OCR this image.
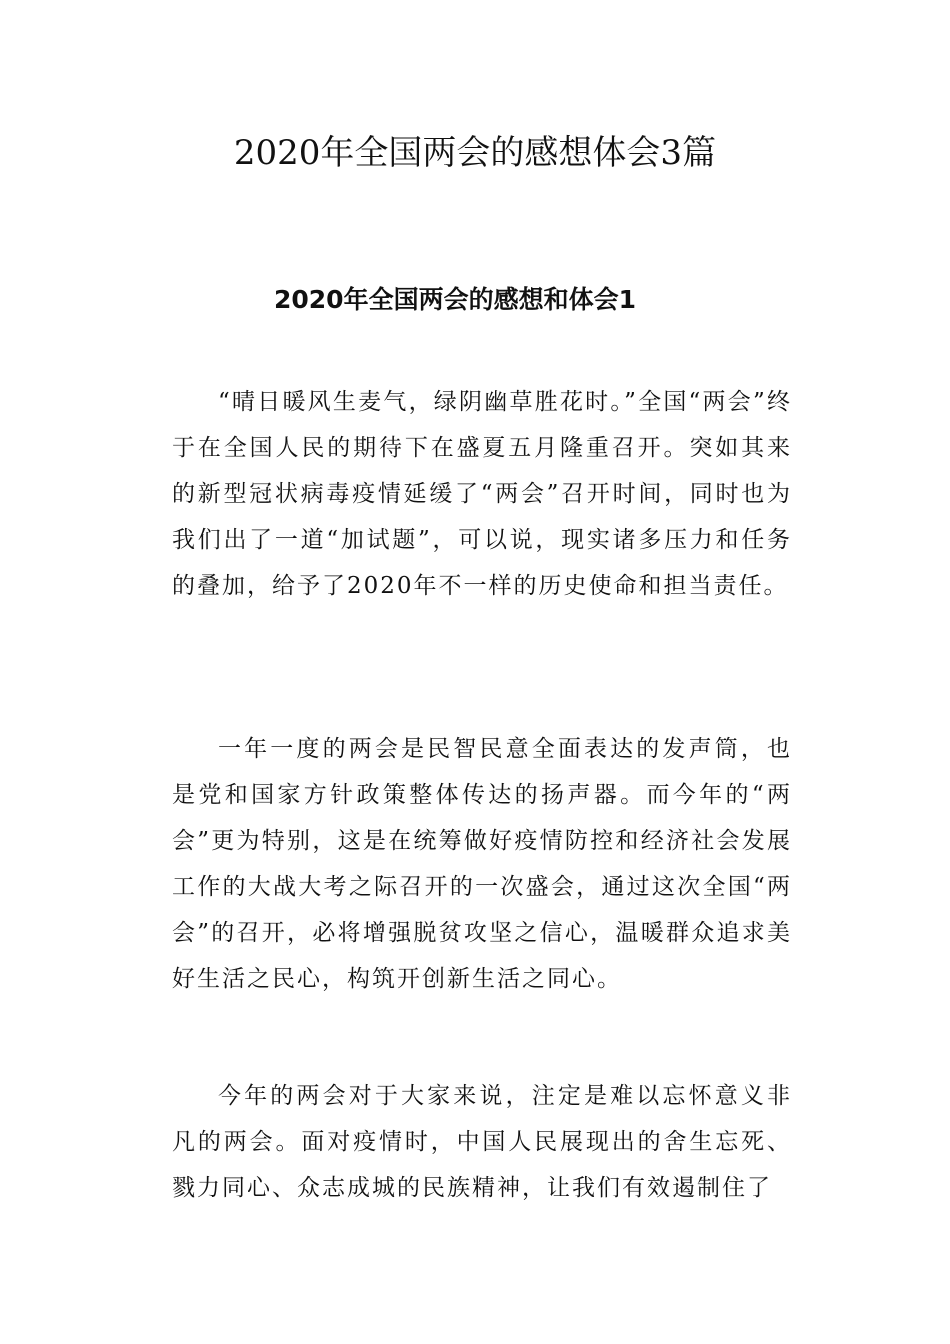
2020年全国两会的感想体会3篇
2020年全国两会的感想和体会1

“晴日暖风生麦气，绿阴幽草胜花时。”全国“两会”终于在全国人民的期待下在盛夏五月隆重召开。突如其来的新型冠状病毒疫情延缓了“两会”召开时间，同时也为我们出了一道“加试题”，可以说，现实诸多压力和任务的叠加，给予了2020年不一样的历史使命和担当责任。

一年一度的两会是民智民意全面表达的发声筒，也是党和国家方针政策整体传达的扬声器。而今年的“两会”更为特别，这是在统筹做好疫情防控和经济社会发展工作的大战大考之际召开的一次盛会，通过这次全国“两会”的召开，必将增强脱贫攻坚之信心，温暖群众追求美好生活之民心，构筑开创新生活之同心。

今年的两会对于大家来说，注定是难以忘怀意义非凡的两会。面对疫情时，中国人民展现出的舍生忘死、戮力同心、众志成城的民族精神，让我们有效遏制住了
